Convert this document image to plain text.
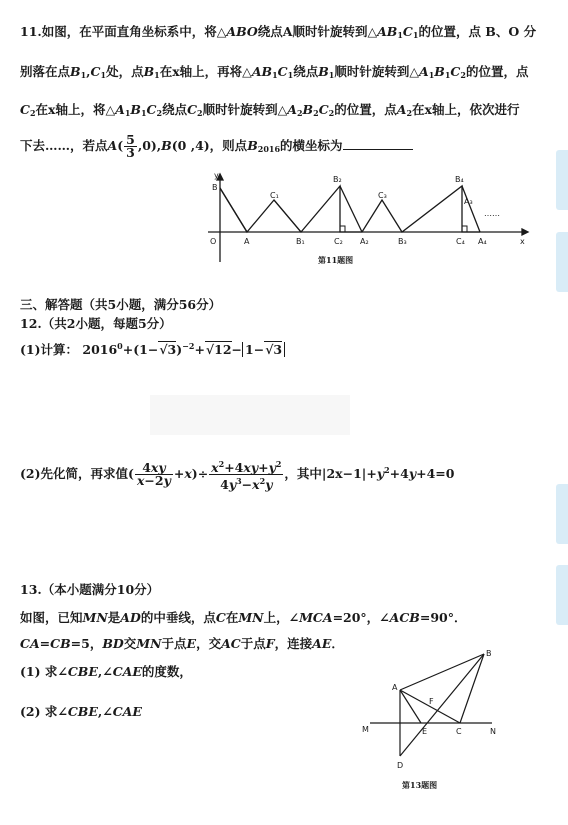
11.如图，在平面直角坐标系中，将△ABO绕点A顺时针旋转到△AB1C1的位置，点 B、O 分
别落在点B1,C1处，点B1在x轴上，再将△AB1C1绕点B1顺时针旋转到△A1B1C2的位置，点
C2在x轴上，将△A1B1C2绕点C2顺时针旋转到△A2B2C2的位置，点A2在x轴上，依次进行
下去……，若点$A( \frac{5}{3} ,0),B(0$ ,4)，则点B2016的横坐标为
B
y
O	A
C₁
B₁
B₂
C₂ A₂
C₃
B₃
B₄
A₃
C₄ A₄	x
……
第11题图
三、解答题（共5小题，满分56分）
12.（共2小题，每题5分）
(1)计算： $2016^0+(1-√3)^{-2}+√12- 1-√3$
(2)先化简，再求值( $\frac{4xy}{x-2y} +x)\div \frac{x^2+4xy+y^2}{4y^3-x^2y}$ ，其中$|2x-1|+y^2+4y+4=0$
13.（本小题满分10分）
如图，已知MN是AD的中垂线，点C在MN上，∠MCA=20°，∠ACB=90°．
CA=CB=5，BD交MN于点E，交AC于点F，连接AE．
(1) 求∠CBE,∠CAE的度数，
(2) 求∠CBE,∠CAE
B
A
F
M	E	C	N
D
第13题图
